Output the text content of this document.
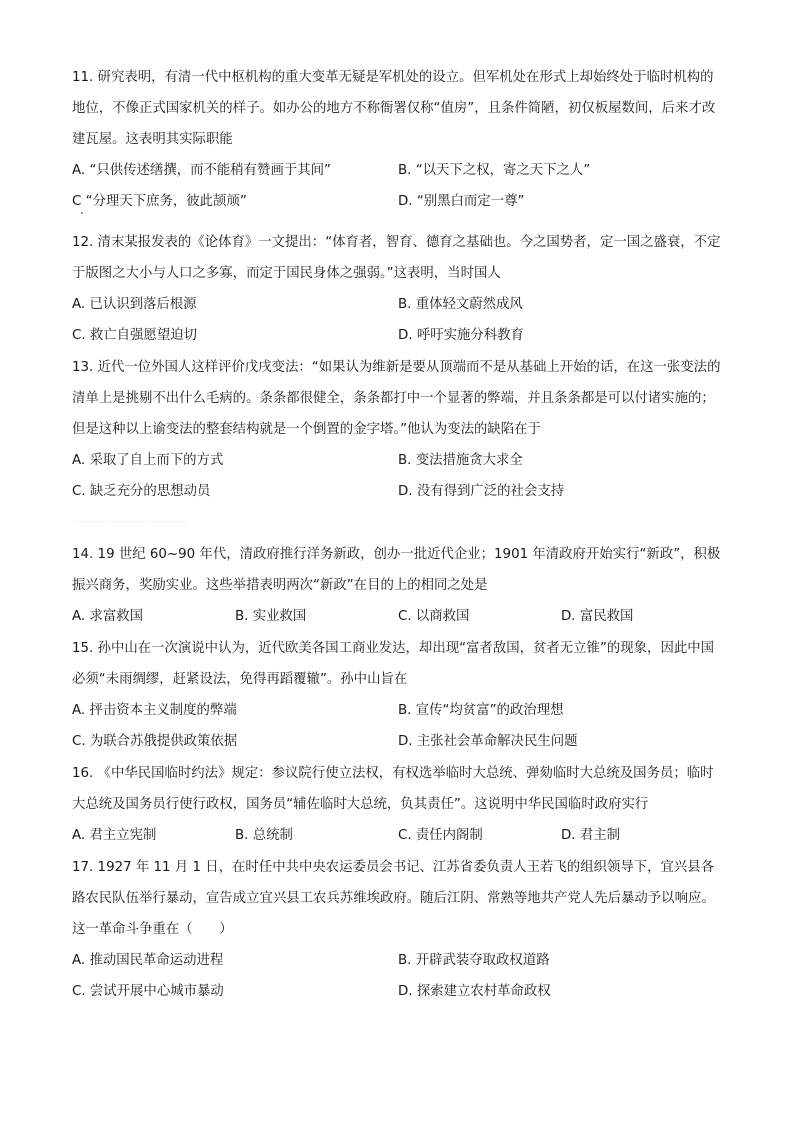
11. 研究表明，有清一代中枢机构的重大变革无疑是军机处的设立。但军机处在形式上却始终处于临时机构的地位，不像正式国家机关的样子。如办公的地方不称衙署仅称“值房”，且条件简陋，初仅板屋数间，后来才改建瓦屋。这表明其实际职能
A. “只供传述缮撰，而不能稍有赞画于其间”	B. “以天下之权，寄之天下之人”
C “分理天下庶务，彼此颉颃”	D. “别黑白而定一尊”
12. 清末某报发表的《论体育》一文提出：“体育者，智育、德育之基础也。今之国势者，定一国之盛衰，不定于版图之大小与人口之多寡，而定于国民身体之强弱。”这表明，当时国人
A. 已认识到落后根源	B. 重体轻文蔚然成风
C. 救亡自强愿望迫切	D. 呼吁实施分科教育
13. 近代一位外国人这样评价戊戌变法：“如果认为维新是要从顶端而不是从基础上开始的话，在这一张变法的清单上是挑剔不出什么毛病的。条条都很健全，条条都打中一个显著的弊端，并且条条都是可以付诸实施的；但是这种以上谕变法的整套结构就是一个倒置的金字塔。”他认为变法的缺陷在于
A. 采取了自上而下的方式	B. 变法措施贪大求全
C. 缺乏充分的思想动员	D. 没有得到广泛的社会支持
·····························································
14. 19 世纪 60~90 年代，清政府推行洋务新政，创办一批近代企业；1901 年清政府开始实行“新政”，积极振兴商务，奖励实业。这些举措表明两次“新政”在目的上的相同之处是
A. 求富救国	B. 实业救国	C. 以商救国	D. 富民救国
15. 孙中山在一次演说中认为，近代欧美各国工商业发达，却出现“富者敌国，贫者无立锥”的现象，因此中国必须“未雨绸缪，赶紧设法，免得再蹈覆辙”。孙中山旨在
A. 抨击资本主义制度的弊端	B. 宣传“均贫富”的政治理想
C. 为联合苏俄提供政策依据	D. 主张社会革命解决民生问题
16. 《中华民国临时约法》规定：参议院行使立法权，有权选举临时大总统、弹劾临时大总统及国务员；临时大总统及国务员行使行政权，国务员“辅佐临时大总统，负其责任”。这说明中华民国临时政府实行
A. 君主立宪制	B. 总统制	C. 责任内阁制	D. 君主制
17. 1927 年 11 月 1 日，在时任中共中央农运委员会书记、江苏省委负责人王若飞的组织领导下，宜兴县各路农民队伍举行暴动，宣告成立宜兴县工农兵苏维埃政府。随后江阴、常熟等地共产党人先后暴动予以响应。这一革命斗争重在（　　）
A. 推动国民革命运动进程	B. 开辟武装夺取政权道路
C. 尝试开展中心城市暴动	D. 探索建立农村革命政权
